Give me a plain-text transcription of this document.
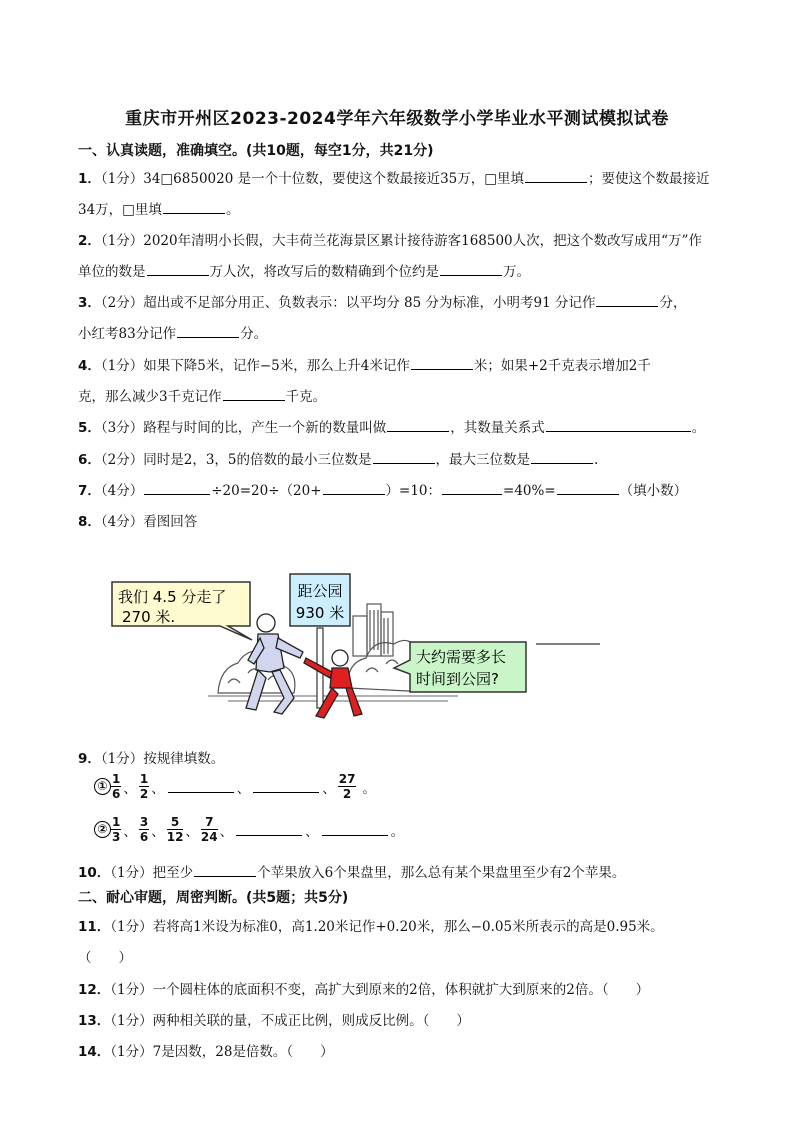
重庆市开州区2023-2024学年六年级数学小学毕业水平测试模拟试卷
一、认真读题，准确填空。(共10题，每空1分，共21分)
1．（1分）34□6850020 是一个十位数，要使这个数最接近35万，□里填	；要使这个数最接近
34万，□里填	。
2．（1分）2020年清明小长假，大丰荷兰花海景区累计接待游客168500人次，把这个数改写成用“万”作
单位的数是	万人次，将改写后的数精确到个位约是	万。
3．（2分）超出或不足部分用正、负数表示：以平均分 85 分为标准，小明考91 分记作	分，
小红考83分记作	分。
4．（1分）如果下降5米，记作−5米，那么上升4米记作	米；如果+2千克表示增加2千
克，那么减少3千克记作	千克。
5．（3分）路程与时间的比，产生一个新的数量叫做	，其数量关系式	。
6．（2分）同时是2，3，5的倍数的最小三位数是	，最大三位数是	.
7．（4分）	÷20=20÷（20+	）=10：	=40%=	（填小数）
8．（4分）看图回答
距公园
930 米
我们 4.5 分走了
270 米.
大约需要多长
时间到公园?
9．（1分）按规律填数。
① $\frac{1}{6}$ 、 $\frac{1}{2}$ 、	、	、 $\frac{27}{2}$ 。
② $\frac{1}{3}$ 、 $\frac{3}{6}$ 、 $\frac{5}{12}$ 、 $\frac{7}{24}$ 、	、	。
10．（1分）把至少	个苹果放入6个果盘里，那么总有某个果盘里至少有2个苹果。
二、耐心审题，周密判断。(共5题；共5分)
11．（1分）若将高1米设为标准0，高1.20米记作+0.20米，那么−0.05米所表示的高是0.95米。
（　　）
12．（1分）一个圆柱体的底面积不变，高扩大到原来的2倍，体积就扩大到原来的2倍。（　　）
13．（1分）两种相关联的量，不成正比例，则成反比例。（　　）
14．（1分）7是因数，28是倍数。（　　）
